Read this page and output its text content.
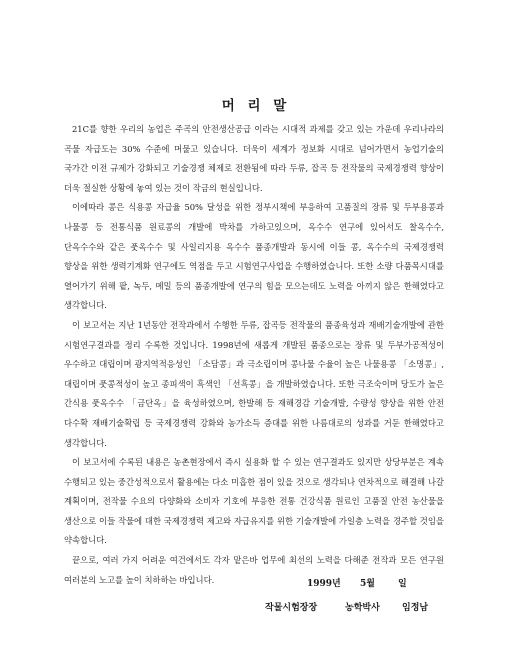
머 리 말

21C를 향한 우리의 농업은 주곡의 안전생산공급 이라는 시대적 과제를 갖고 있는 가운데 우리나라의 곡물 자급도는 30% 수준에 머물고 있습니다. 더욱이 세계가 정보화 시대로 넘어가면서 농업기술의 국가간 이전 규제가 강화되고 기술경쟁 체제로 전환됨에 따라 두류, 잡곡 등 전작물의 국제경쟁력 향상이 더욱 절실한 상황에 놓여 있는 것이 작금의 현실입니다.

이에따라 콩은 식용콩 자급율 50% 달성을 위한 정부시책에 부응하여 고품질의 장류 및 두부용콩과 나물콩 등 전통식품 원료콩의 개발에 박차를 가하고있으며, 옥수수 연구에 있어서도 찰옥수수, 단옥수수와 같은 풋옥수수 및 사일리지용 옥수수 품종개발과 동시에 이들 콩, 옥수수의 국제경쟁력 향상을 위한 생력기계화 연구에도 역점을 두고 시험연구사업을 수행하였습니다. 또한 소량 다품목시대를 열어가기 위해 팥, 녹두, 메밀 등의 품종개발에 연구의 힘을 모으는데도 노력을 아끼지 않은 한해였다고 생각합니다.

이 보고서는 지난 1년동안 전작과에서 수행한 두류, 잡곡등 전작물의 품종육성과 재배기술개발에 관한 시험연구결과를 정리 수록한 것입니다. 1998년에 새롭게 개발된 품종으로는 장류 및 두부가공적성이 우수하고 대립이며 광지역적응성인 「소담콩」과 극소립이며 콩나물 수율이 높은 나물용콩 「소명콩」, 대립이며 풋콩적성이 높고 종피색이 흑색인 「선흑콩」을 개발하였습니다. 또한 극조숙이며 당도가 높은 간식용 풋옥수수 「금단옥」을 육성하였으며, 한발해 등 재해경감 기술개발, 수량성 향상을 위한 안전 다수확 재배기술확립 등 국제경쟁력 강화와 농가소득 증대를 위한 나름대로의 성과를 거둔 한해였다고 생각합니다.

이 보고서에 수록된 내용은 농촌현장에서 즉시 실용화 할 수 있는 연구결과도 있지만 상당부분은 계속 수행되고 있는 중간성적으로서 활용에는 다소 미흡한 점이 있을 것으로 생각되나 연차적으로 해결해 나갈 계획이며, 전작물 수요의 다양화와 소비자 기호에 부응한 전통 건강식품 원료인 고품질 안전 농산물을 생산으로 이들 작물에 대한 국제경쟁력 제고와 자급유지를 위한 기술개발에 가일층 노력을 경주할 것임을 약속합니다.

끝으로, 여러 가지 어려운 여건에서도 각자 맡은바 업무에 최선의 노력을 다해준 전작과 모든 연구원 여러분의 노고를 높이 치하하는 바입니다.	1999년 5월	일
작물시험장장	농학박사 임정남
